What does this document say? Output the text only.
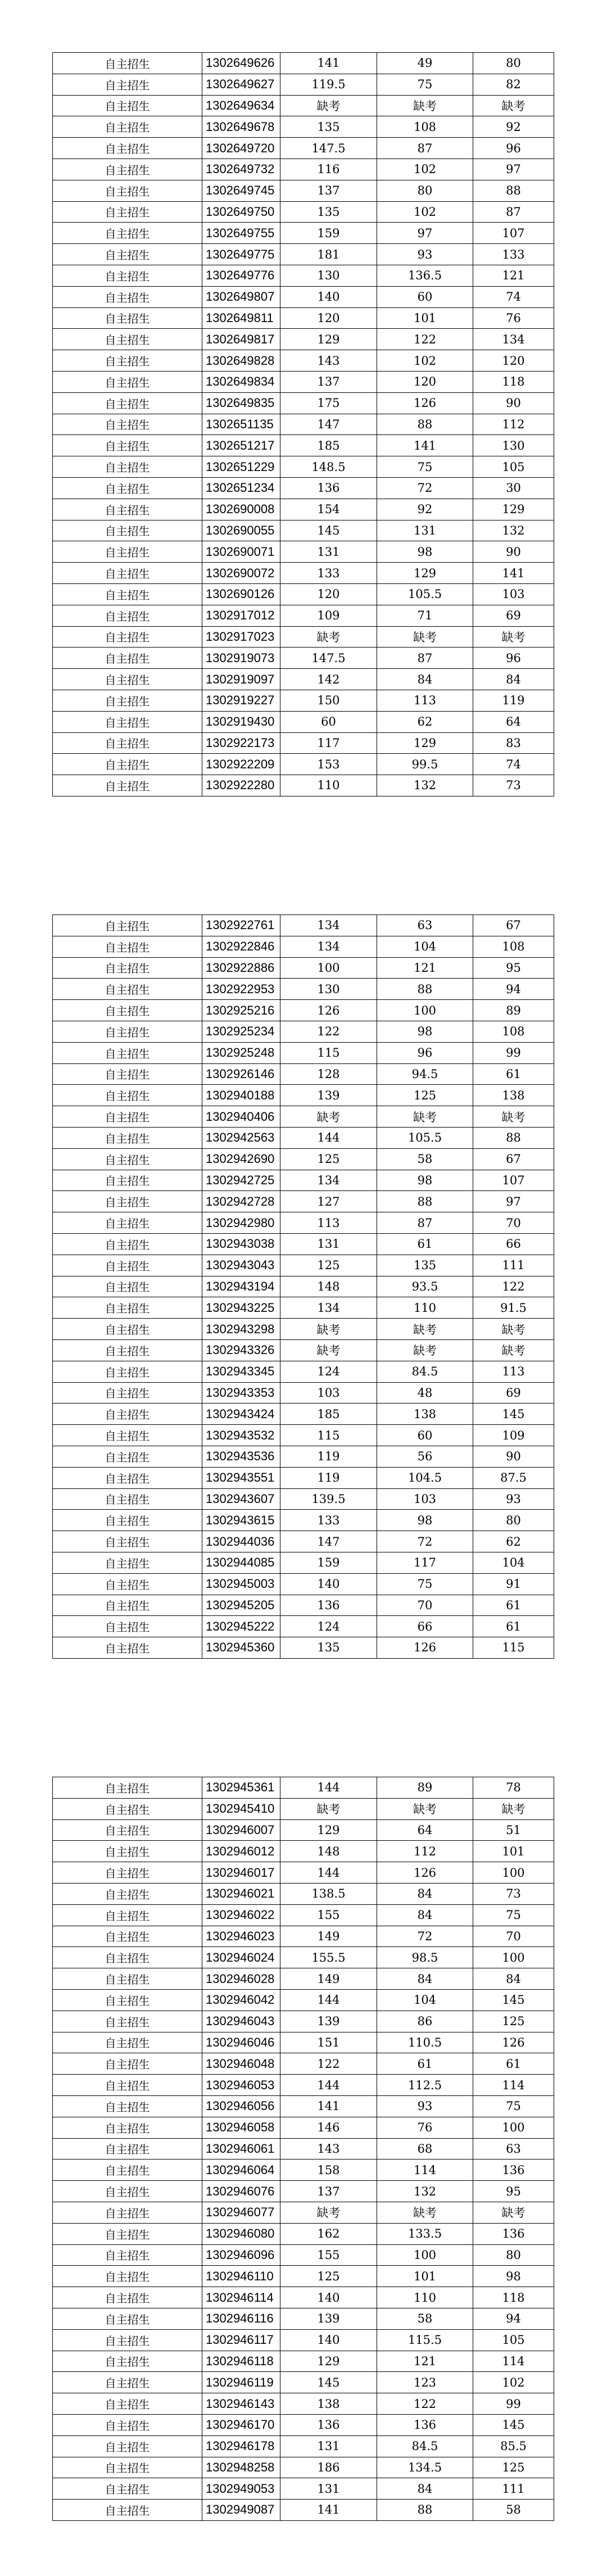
自主招生	1302649626	141	49	80
自主招生	1302649627	119.5	75	82
自主招生	1302649634	缺考	缺考	缺考
自主招生	1302649678	135	108	92
自主招生	1302649720	147.5	87	96
自主招生	1302649732	116	102	97
自主招生	1302649745	137	80	88
自主招生	1302649750	135	102	87
自主招生	1302649755	159	97	107
自主招生	1302649775	181	93	133
自主招生	1302649776	130	136.5	121
自主招生	1302649807	140	60	74
自主招生	1302649811	120	101	76
自主招生	1302649817	129	122	134
自主招生	1302649828	143	102	120
自主招生	1302649834	137	120	118
自主招生	1302649835	175	126	90
自主招生	1302651135	147	88	112
自主招生	1302651217	185	141	130
自主招生	1302651229	148.5	75	105
自主招生	1302651234	136	72	30
自主招生	1302690008	154	92	129
自主招生	1302690055	145	131	132
自主招生	1302690071	131	98	90
自主招生	1302690072	133	129	141
自主招生	1302690126	120	105.5	103
自主招生	1302917012	109	71	69
自主招生	1302917023	缺考	缺考	缺考
自主招生	1302919073	147.5	87	96
自主招生	1302919097	142	84	84
自主招生	1302919227	150	113	119
自主招生	1302919430	60	62	64
自主招生	1302922173	117	129	83
自主招生	1302922209	153	99.5	74
自主招生	1302922280	110	132	73
自主招生	1302922761	134	63	67
自主招生	1302922846	134	104	108
自主招生	1302922886	100	121	95
自主招生	1302922953	130	88	94
自主招生	1302925216	126	100	89
自主招生	1302925234	122	98	108
自主招生	1302925248	115	96	99
自主招生	1302926146	128	94.5	61
自主招生	1302940188	139	125	138
自主招生	1302940406	缺考	缺考	缺考
自主招生	1302942563	144	105.5	88
自主招生	1302942690	125	58	67
自主招生	1302942725	134	98	107
自主招生	1302942728	127	88	97
自主招生	1302942980	113	87	70
自主招生	1302943038	131	61	66
自主招生	1302943043	125	135	111
自主招生	1302943194	148	93.5	122
自主招生	1302943225	134	110	91.5
自主招生	1302943298	缺考	缺考	缺考
自主招生	1302943326	缺考	缺考	缺考
自主招生	1302943345	124	84.5	113
自主招生	1302943353	103	48	69
自主招生	1302943424	185	138	145
自主招生	1302943532	115	60	109
自主招生	1302943536	119	56	90
自主招生	1302943551	119	104.5	87.5
自主招生	1302943607	139.5	103	93
自主招生	1302943615	133	98	80
自主招生	1302944036	147	72	62
自主招生	1302944085	159	117	104
自主招生	1302945003	140	75	91
自主招生	1302945205	136	70	61
自主招生	1302945222	124	66	61
自主招生	1302945360	135	126	115
自主招生	1302945361	144	89	78
自主招生	1302945410	缺考	缺考	缺考
自主招生	1302946007	129	64	51
自主招生	1302946012	148	112	101
自主招生	1302946017	144	126	100
自主招生	1302946021	138.5	84	73
自主招生	1302946022	155	84	75
自主招生	1302946023	149	72	70
自主招生	1302946024	155.5	98.5	100
自主招生	1302946028	149	84	84
自主招生	1302946042	144	104	145
自主招生	1302946043	139	86	125
自主招生	1302946046	151	110.5	126
自主招生	1302946048	122	61	61
自主招生	1302946053	144	112.5	114
自主招生	1302946056	141	93	75
自主招生	1302946058	146	76	100
自主招生	1302946061	143	68	63
自主招生	1302946064	158	114	136
自主招生	1302946076	137	132	95
自主招生	1302946077	缺考	缺考	缺考
自主招生	1302946080	162	133.5	136
自主招生	1302946096	155	100	80
自主招生	1302946110	125	101	98
自主招生	1302946114	140	110	118
自主招生	1302946116	139	58	94
自主招生	1302946117	140	115.5	105
自主招生	1302946118	129	121	114
自主招生	1302946119	145	123	102
自主招生	1302946143	138	122	99
自主招生	1302946170	136	136	145
自主招生	1302946178	131	84.5	85.5
自主招生	1302948258	186	134.5	125
自主招生	1302949053	131	84	111
自主招生	1302949087	141	88	58
